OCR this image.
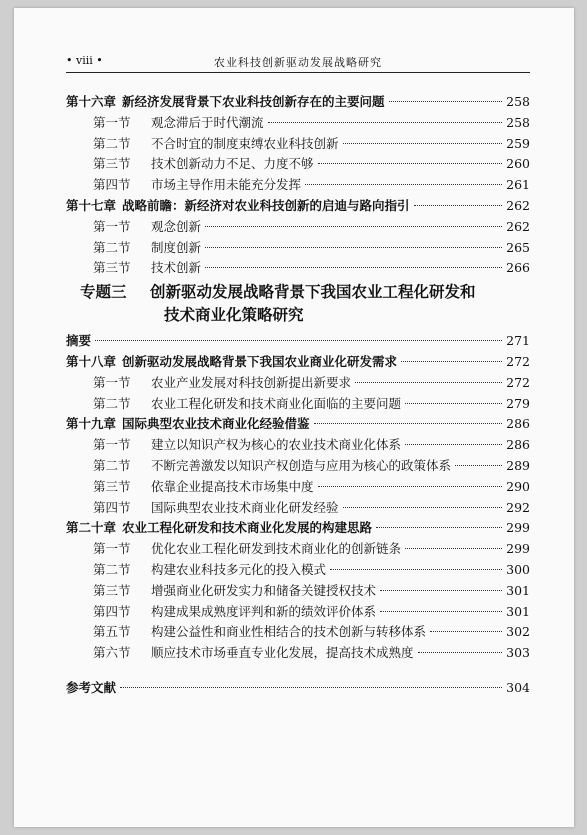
• viii •	农业科技创新驱动发展战略研究
第十六章 新经济发展背景下农业科技创新存在的主要问题	258
第一节	观念滞后于时代潮流	258
第二节	不合时宜的制度束缚农业科技创新	259
第三节	技术创新动力不足、力度不够	260
第四节	市场主导作用未能充分发挥	261
第十七章 战略前瞻：新经济对农业科技创新的启迪与路向指引	262
第一节	观念创新	262
第二节	制度创新	265
第三节	技术创新	266
专题三 创新驱动发展战略背景下我国农业工程化研发和
技术商业化策略研究
摘要	271
第十八章 创新驱动发展战略背景下我国农业商业化研发需求	272
第一节	农业产业发展对科技创新提出新要求	272
第二节	农业工程化研发和技术商业化面临的主要问题	279
第十九章 国际典型农业技术商业化经验借鉴	286
第一节	建立以知识产权为核心的农业技术商业化体系	286
第二节	不断完善激发以知识产权创造与应用为核心的政策体系	289
第三节	依靠企业提高技术市场集中度	290
第四节	国际典型农业技术商业化研发经验	292
第二十章 农业工程化研发和技术商业化发展的构建思路	299
第一节	优化农业工程化研发到技术商业化的创新链条	299
第二节	构建农业科技多元化的投入模式	300
第三节	增强商业化研发实力和储备关键授权技术	301
第四节	构建成果成熟度评判和新的绩效评价体系	301
第五节	构建公益性和商业性相结合的技术创新与转移体系	302
第六节	顺应技术市场垂直专业化发展，提高技术成熟度	303
参考文献	304
